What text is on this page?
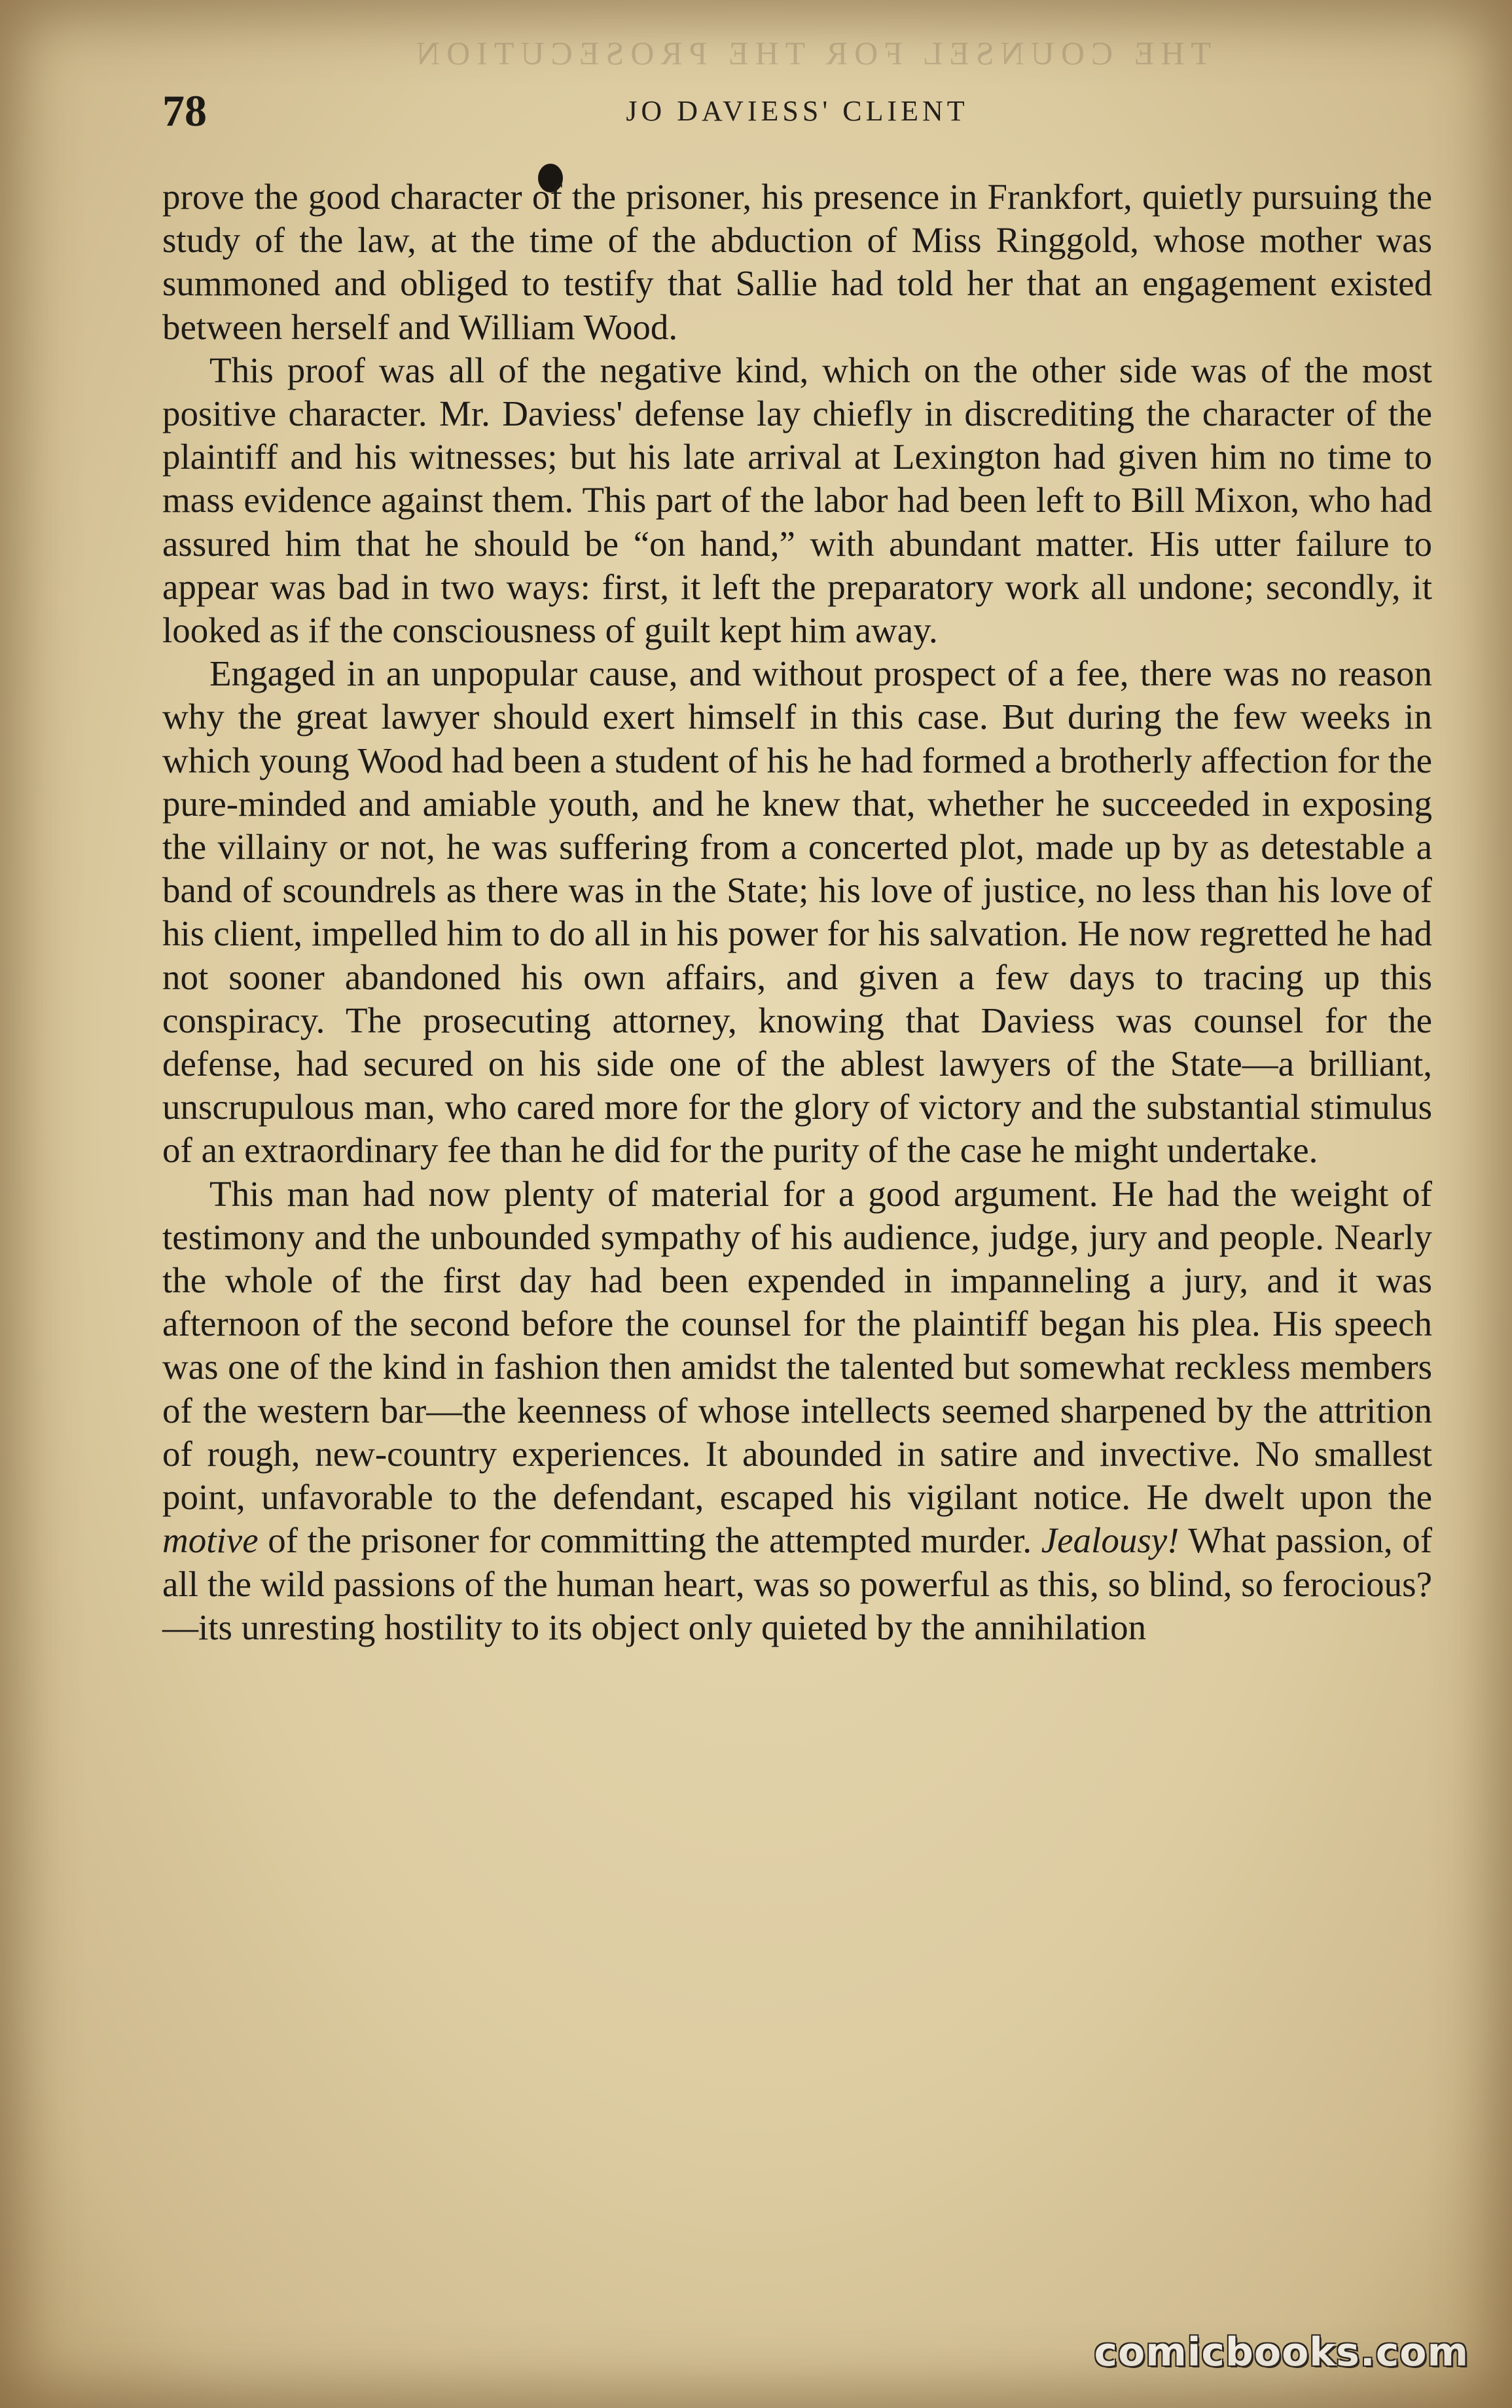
THE COUNSEL FOR THE PROSECUTION
78	JO DAVIESS' CLIENT

prove the good character of the prisoner, his presence in Frankfort, quietly pursuing the study of the law, at the time of the abduction of Miss Ringgold, whose mother was summoned and obliged to testify that Sallie had told her that an engagement existed between herself and William Wood.

This proof was all of the negative kind, which on the other side was of the most positive character. Mr. Daviess' defense lay chiefly in discrediting the character of the plaintiff and his witnesses; but his late arrival at Lexington had given him no time to mass evidence against them. This part of the labor had been left to Bill Mixon, who had assured him that he should be “on hand,” with abundant matter. His utter failure to appear was bad in two ways: first, it left the preparatory work all undone; secondly, it looked as if the consciousness of guilt kept him away.

Engaged in an unpopular cause, and without prospect of a fee, there was no reason why the great lawyer should exert himself in this case. But during the few weeks in which young Wood had been a student of his he had formed a brotherly affection for the pure-minded and amiable youth, and he knew that, whether he succeeded in exposing the villainy or not, he was suffering from a concerted plot, made up by as detestable a band of scoundrels as there was in the State; his love of justice, no less than his love of his client, impelled him to do all in his power for his salvation. He now regretted he had not sooner abandoned his own affairs, and given a few days to tracing up this conspiracy. The prosecuting attorney, knowing that Daviess was counsel for the defense, had secured on his side one of the ablest lawyers of the State—a brilliant, unscrupulous man, who cared more for the glory of victory and the substantial stimulus of an extraordinary fee than he did for the purity of the case he might undertake.

This man had now plenty of material for a good argument. He had the weight of testimony and the unbounded sympathy of his audience, judge, jury and people. Nearly the whole of the first day had been expended in impanneling a jury, and it was afternoon of the second before the counsel for the plaintiff began his plea. His speech was one of the kind in fashion then amidst the talented but somewhat reckless members of the western bar—the keenness of whose intellects seemed sharpened by the attrition of rough, new-country experiences. It abounded in satire and invective. No smallest point, unfavorable to the defendant, escaped his vigilant notice. He dwelt upon the motive of the prisoner for committing the attempted murder. Jealousy! What passion, of all the wild passions of the human heart, was so powerful as this, so blind, so ferocious?—its unresting hostility to its object only quieted by the annihilation

comicbooks.com
